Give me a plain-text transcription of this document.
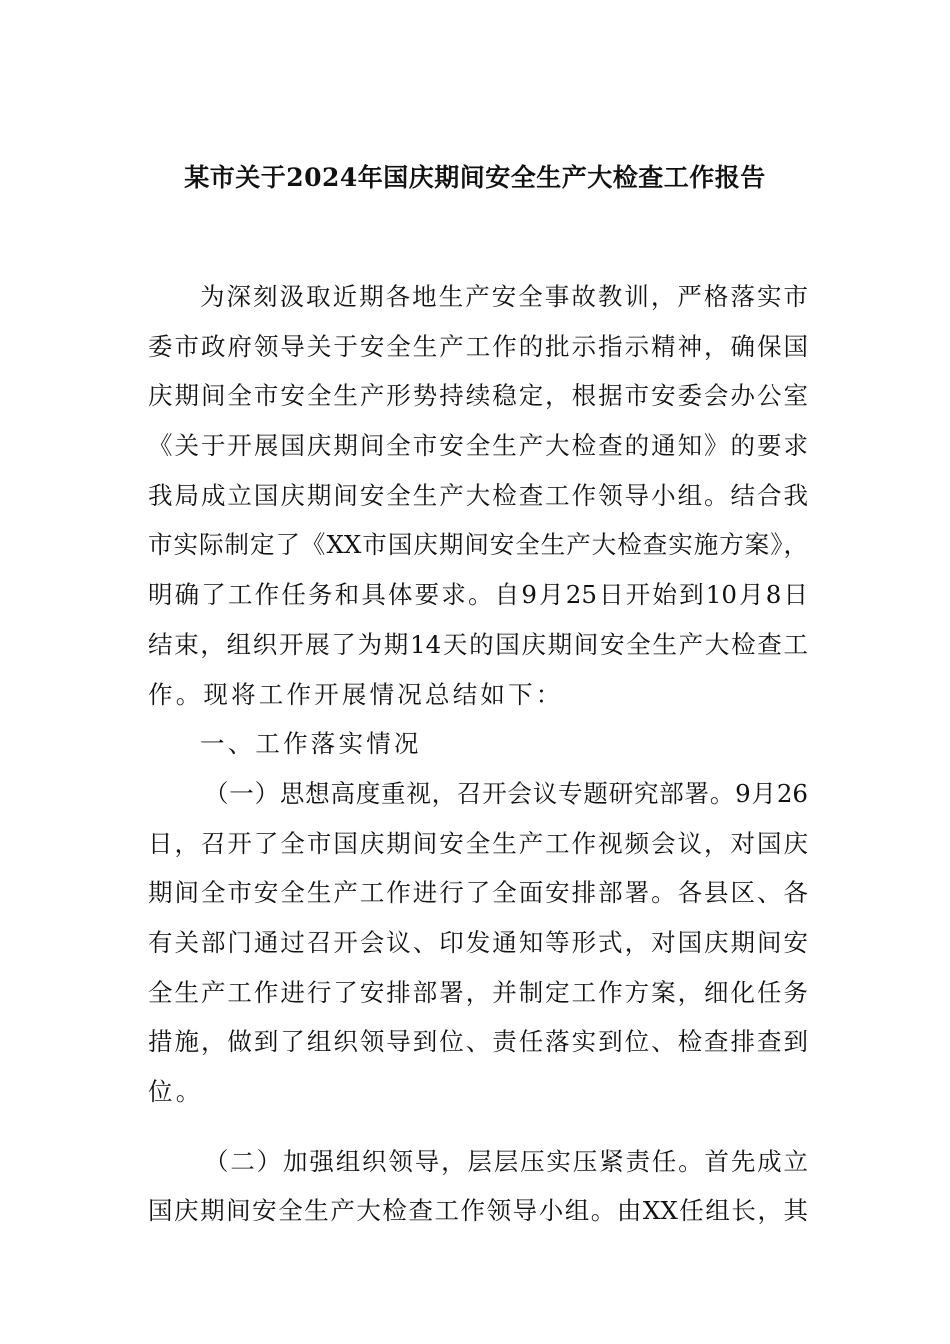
某市关于2024年国庆期间安全生产大检查工作报告
为深刻汲取近期各地生产安全事故教训，严格落实市
委市政府领导关于安全生产工作的批示指示精神，确保国
庆期间全市安全生产形势持续稳定，根据市安委会办公室
《关于开展国庆期间全市安全生产大检查的通知》的要求
我局成立国庆期间安全生产大检查工作领导小组。结合我
市实际制定了《XX市国庆期间安全生产大检查实施方案》，
明确了工作任务和具体要求。自9月25日开始到10月8日
结束，组织开展了为期14天的国庆期间安全生产大检查工
作。现将工作开展情况总结如下：
一、工作落实情况
（一）思想高度重视，召开会议专题研究部署。9月26
日，召开了全市国庆期间安全生产工作视频会议，对国庆
期间全市安全生产工作进行了全面安排部署。各县区、各
有关部门通过召开会议、印发通知等形式，对国庆期间安
全生产工作进行了安排部署，并制定工作方案，细化任务
措施，做到了组织领导到位、责任落实到位、检查排查到
位。
（二）加强组织领导，层层压实压紧责任。首先成立
国庆期间安全生产大检查工作领导小组。由XX任组长，其
